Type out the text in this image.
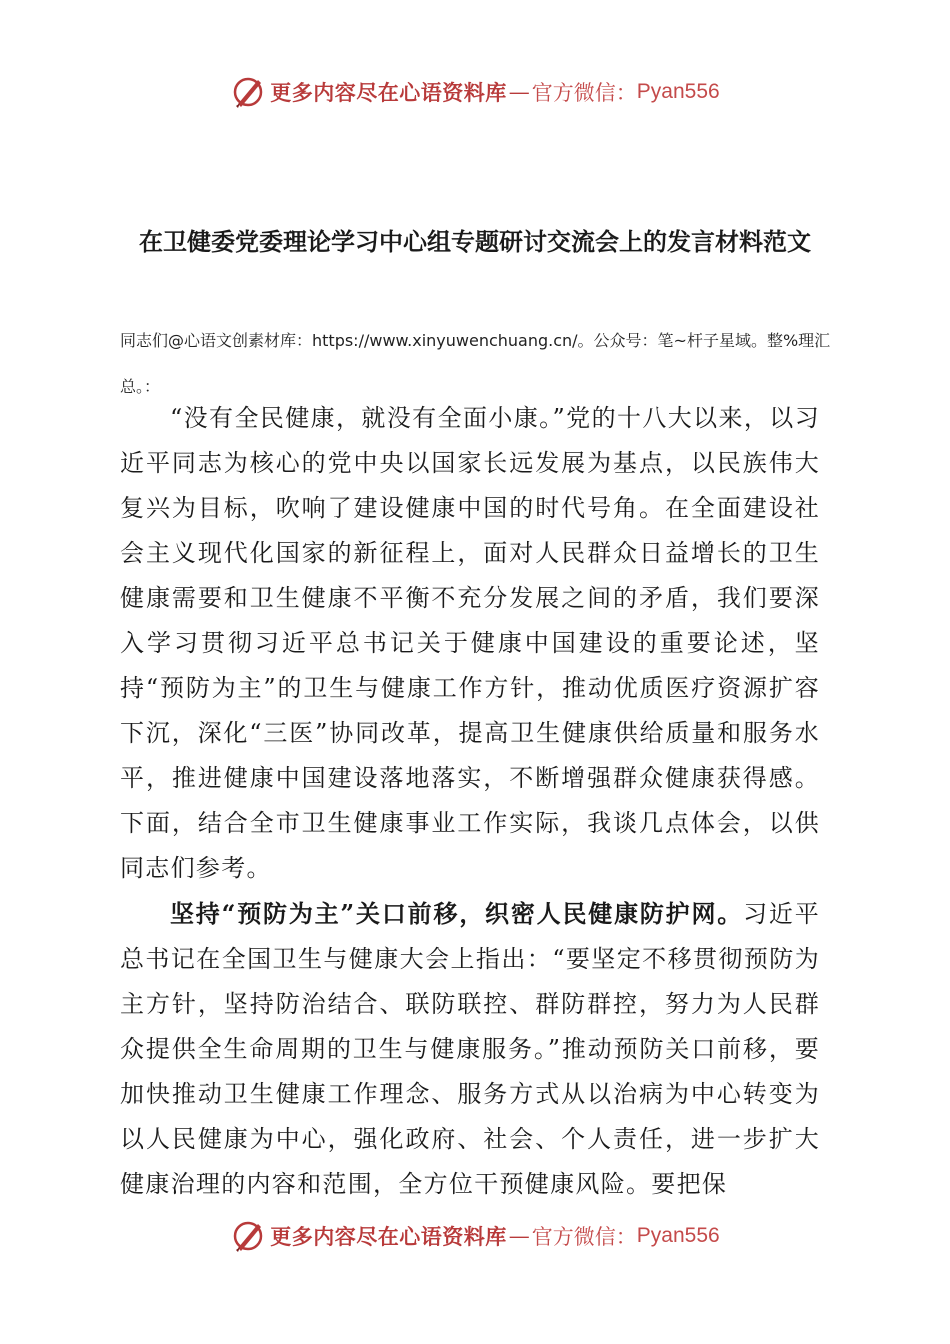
更多内容尽在心语资料库 — 官方微信： Pyan556
在卫健委党委理论学习中心组专题研讨交流会上的发言材料范文

同志们@心语文创素材库：https://www.xinyuwenchuang.cn/。公众号：笔~杆子星域。整%理汇总。：

“没有全民健康，就没有全面小康。”党的十八大以来，以习近平同志为核心的党中央以国家长远发展为基点，以民族伟大复兴为目标，吹响了建设健康中国的时代号角。在全面建设社会主义现代化国家的新征程上，面对人民群众日益增长的卫生健康需要和卫生健康不平衡不充分发展之间的矛盾，我们要深入学习贯彻习近平总书记关于健康中国建设的重要论述，坚持“预防为主”的卫生与健康工作方针，推动优质医疗资源扩容下沉，深化“三医”协同改革，提高卫生健康供给质量和服务水平，推进健康中国建设落地落实，不断增强群众健康获得感。下面，结合全市卫生健康事业工作实际，我谈几点体会，以供同志们参考。

坚持“预防为主”关口前移，织密人民健康防护网。习近平总书记在全国卫生与健康大会上指出：“要坚定不移贯彻预防为主方针，坚持防治结合、联防联控、群防群控，努力为人民群众提供全生命周期的卫生与健康服务。”推动预防关口前移，要加快推动卫生健康工作理念、服务方式从以治病为中心转变为以人民健康为中心，强化政府、社会、个人责任，进一步扩大健康治理的内容和范围，全方位干预健康风险。要把保

更多内容尽在心语资料库 — 官方微信： Pyan556
